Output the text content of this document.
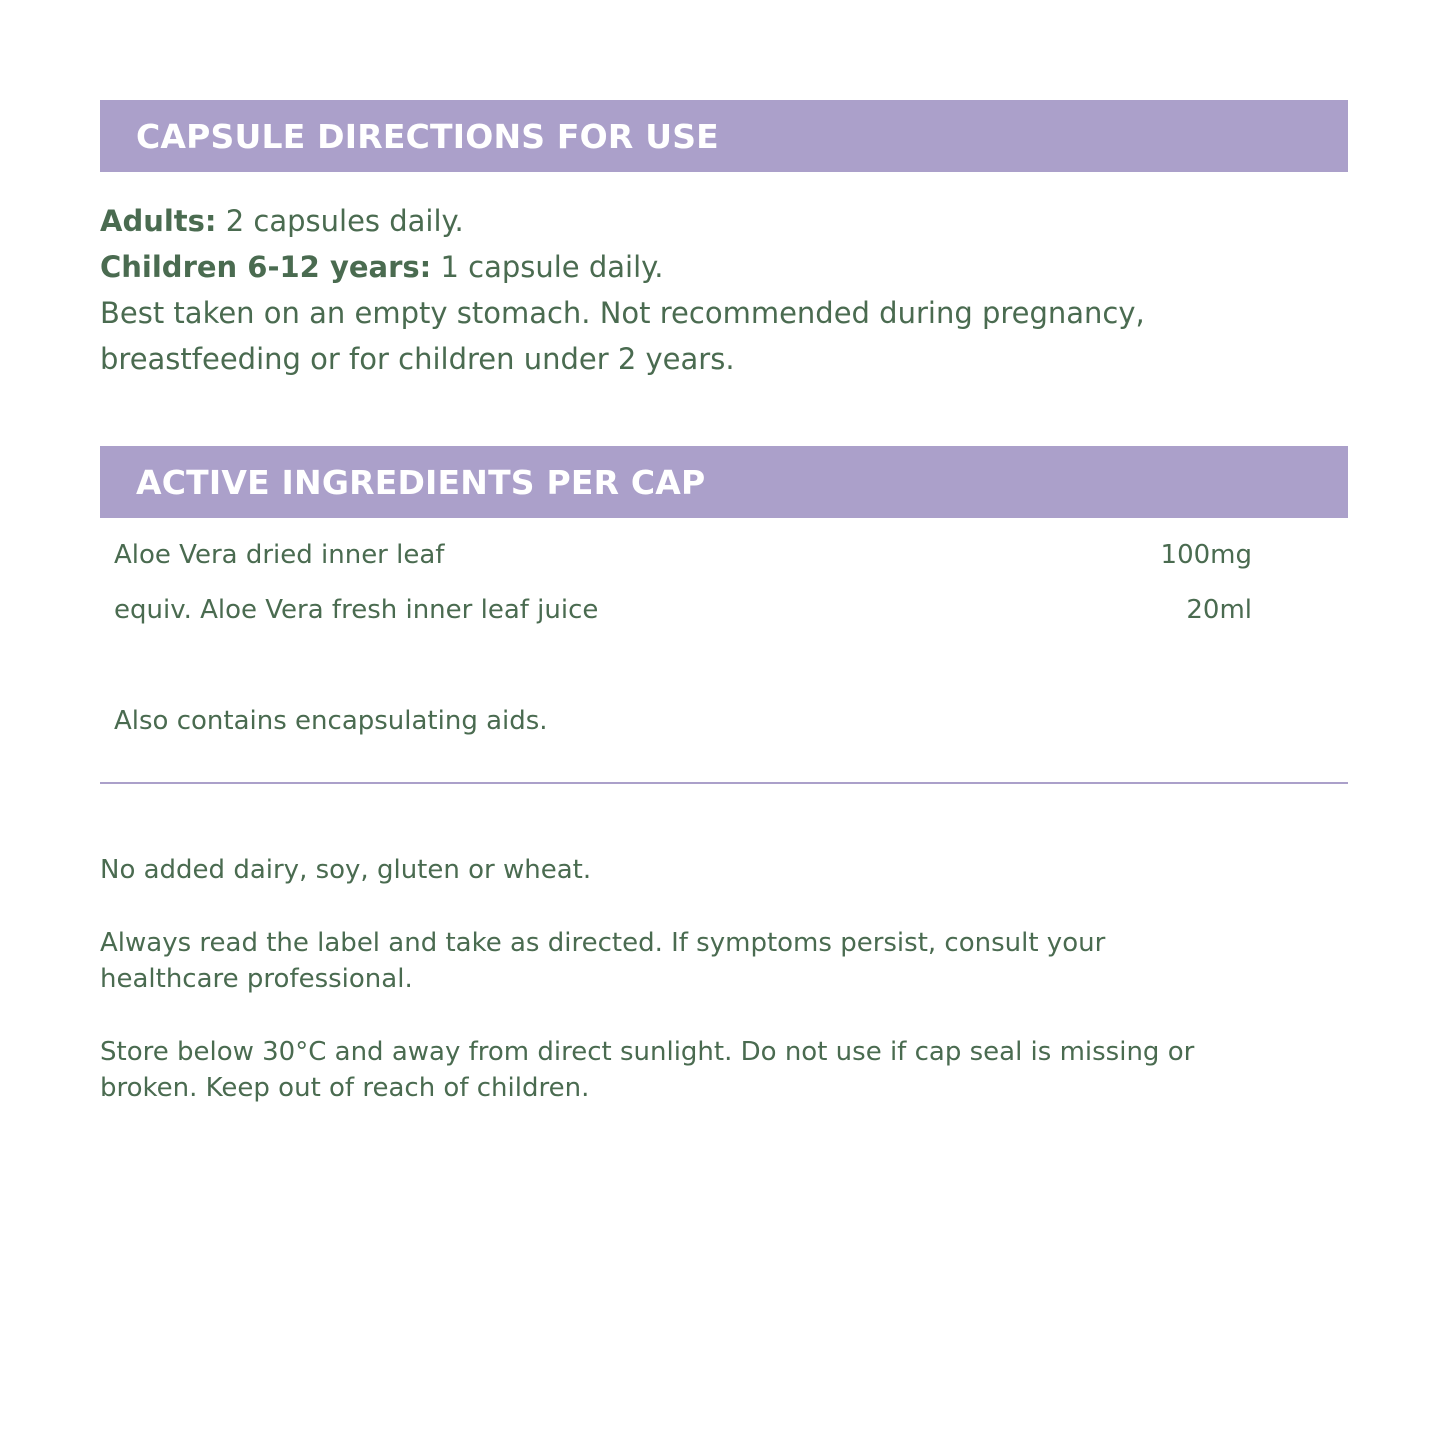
CAPSULE DIRECTIONS FOR USE
Adults: 2 capsules daily.
Children 6-12 years: 1 capsule daily.
Best taken on an empty stomach. Not recommended during pregnancy,
breastfeeding or for children under 2 years.
ACTIVE INGREDIENTS PER CAP
Aloe Vera dried inner leaf	100mg
equiv. Aloe Vera fresh inner leaf juice	20ml
Also contains encapsulating aids.

No added dairy, soy, gluten or wheat.

Always read the label and take as directed. If symptoms persist, consult your healthcare professional.

Store below 30°C and away from direct sunlight. Do not use if cap seal is missing or broken. Keep out of reach of children.
